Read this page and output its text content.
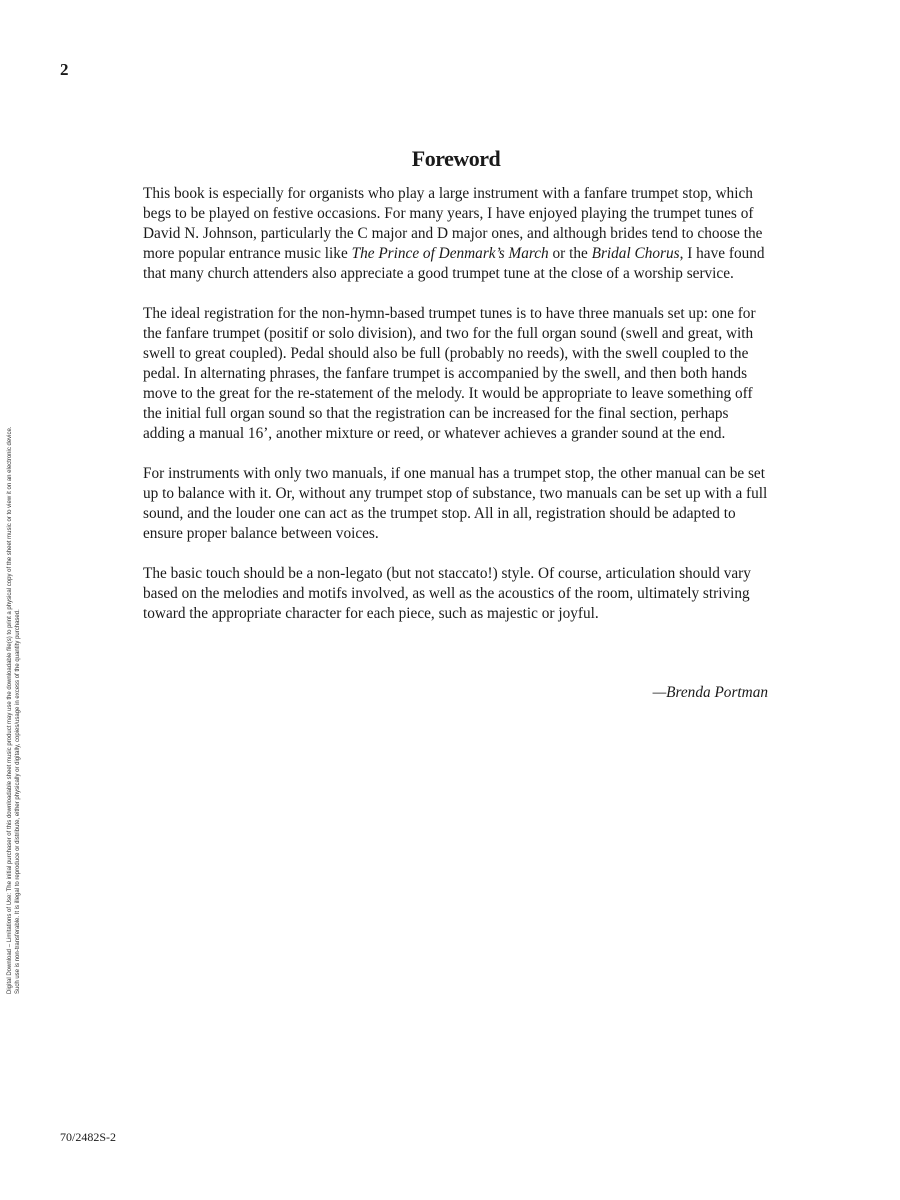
2
Digital Download – Limitations of Use: The initial purchaser of this downloadable sheet music product may use the downloadable file(s) to print a physical copy of the sheet music or to view it on an electronic device. Such use is non-transferable. It is illegal to reproduce or distribute, either physically or digitally, copies/usage in excess of the quantity purchased.
Foreword

This book is especially for organists who play a large instrument with a fanfare trumpet stop, which begs to be played on festive occasions. For many years, I have enjoyed playing the trumpet tunes of David N. Johnson, particularly the C major and D major ones, and although brides tend to choose the more popular entrance music like The Prince of Denmark’s March or the Bridal Chorus, I have found that many church attenders also appreciate a good trumpet tune at the close of a worship service.

The ideal registration for the non-hymn-based trumpet tunes is to have three manuals set up: one for the fanfare trumpet (positif or solo division), and two for the full organ sound (swell and great, with swell to great coupled). Pedal should also be full (probably no reeds), with the swell coupled to the pedal. In alternating phrases, the fanfare trumpet is accompanied by the swell, and then both hands move to the great for the re-statement of the melody. It would be appropriate to leave something off the initial full organ sound so that the registration can be increased for the final section, perhaps adding a manual 16’, another mixture or reed, or whatever achieves a grander sound at the end.

For instruments with only two manuals, if one manual has a trumpet stop, the other manual can be set up to balance with it. Or, without any trumpet stop of substance, two manuals can be set up with a full sound, and the louder one can act as the trumpet stop. All in all, registration should be adapted to ensure proper balance between voices.

The basic touch should be a non-legato (but not staccato!) style. Of course, articulation should vary based on the melodies and motifs involved, as well as the acoustics of the room, ultimately striving toward the appropriate character for each piece, such as majestic or joyful.

—Brenda Portman
70/2482S-2
